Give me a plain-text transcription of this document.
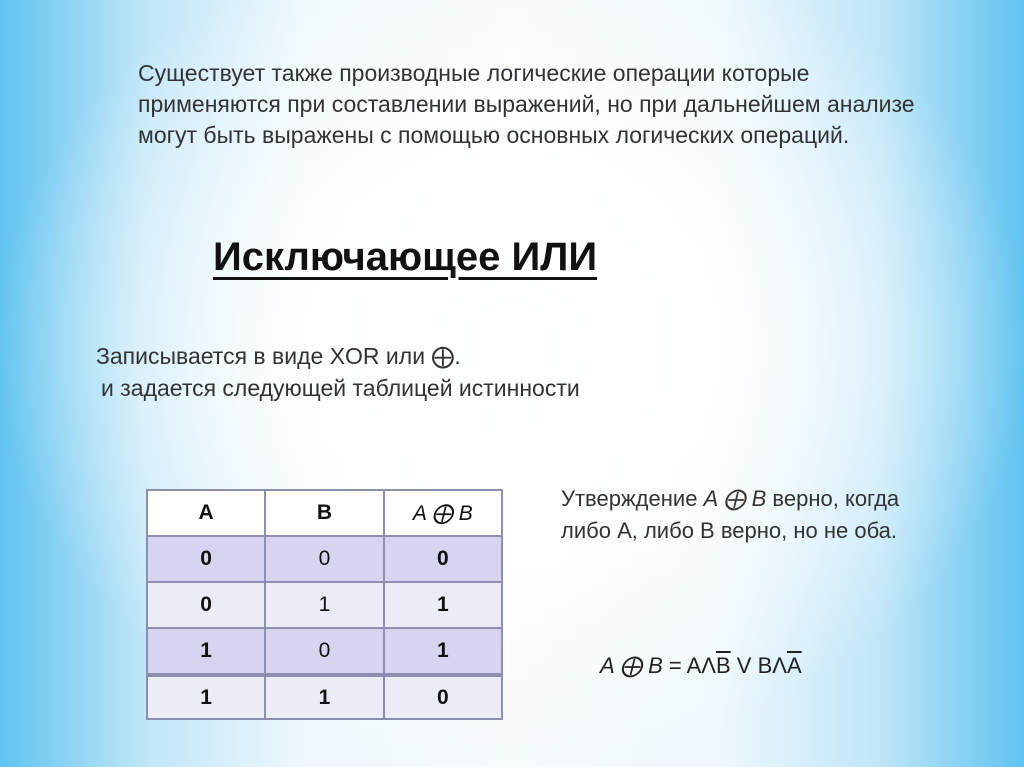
Существует также производные логические операции которые применяются при составлении выражений, но при дальнейшем анализе могут быть выражены с помощью основных логических операций.
Исключающее ИЛИ
Записывается в виде XOR или ⨁.
и задается следующей таблицей истинности
A	B	A ⨁ B
0	0	0
0	1	1
1	0	1
1	1	0
Утверждение A ⨁ B верно, когда либо А, либо В верно, но не оба.
A ⨁ $B = A\Lambda\overline{B}$ V $B\Lambda\overline{A}$
